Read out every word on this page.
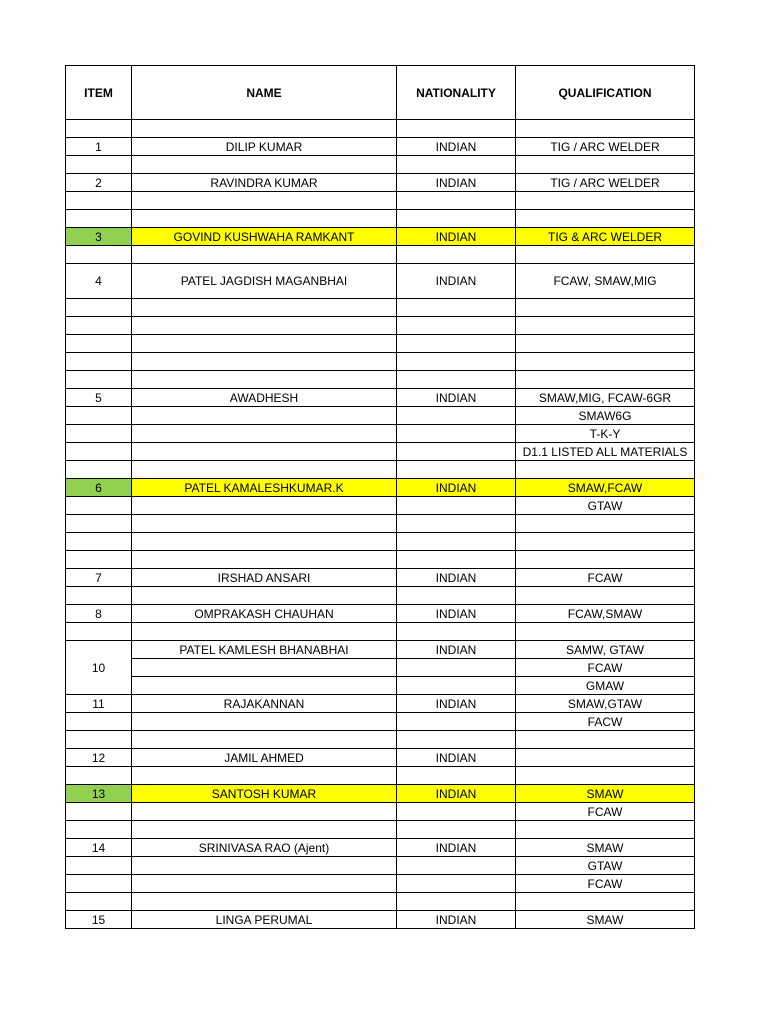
ITEM	NAME	NATIONALITY	QUALIFICATION

1	DILIP KUMAR	INDIAN	TIG / ARC WELDER

2	RAVINDRA KUMAR	INDIAN	TIG / ARC WELDER

3	GOVIND KUSHWAHA RAMKANT	INDIAN	TIG & ARC WELDER

4	PATEL JAGDISH MAGANBHAI	INDIAN	FCAW, SMAW,MIG

5	AWADHESH	INDIAN	SMAW,MIG, FCAW-6GR
			SMAW6G
			T-K-Y
			D1.1 LISTED ALL MATERIALS

6	PATEL KAMALESHKUMAR.K	INDIAN	SMAW,FCAW
			GTAW

7	IRSHAD ANSARI	INDIAN	FCAW

8	OMPRAKASH CHAUHAN	INDIAN	FCAW,SMAW

10	PATEL KAMLESH BHANABHAI	INDIAN	SAMW, GTAW
			FCAW
			GMAW
11	RAJAKANNAN	INDIAN	SMAW,GTAW
			FACW

12	JAMIL AHMED	INDIAN	

13	SANTOSH KUMAR	INDIAN	SMAW
			FCAW

14	SRINIVASA RAO (Ajent)	INDIAN	SMAW
			GTAW
			FCAW

15	LINGA PERUMAL	INDIAN	SMAW
